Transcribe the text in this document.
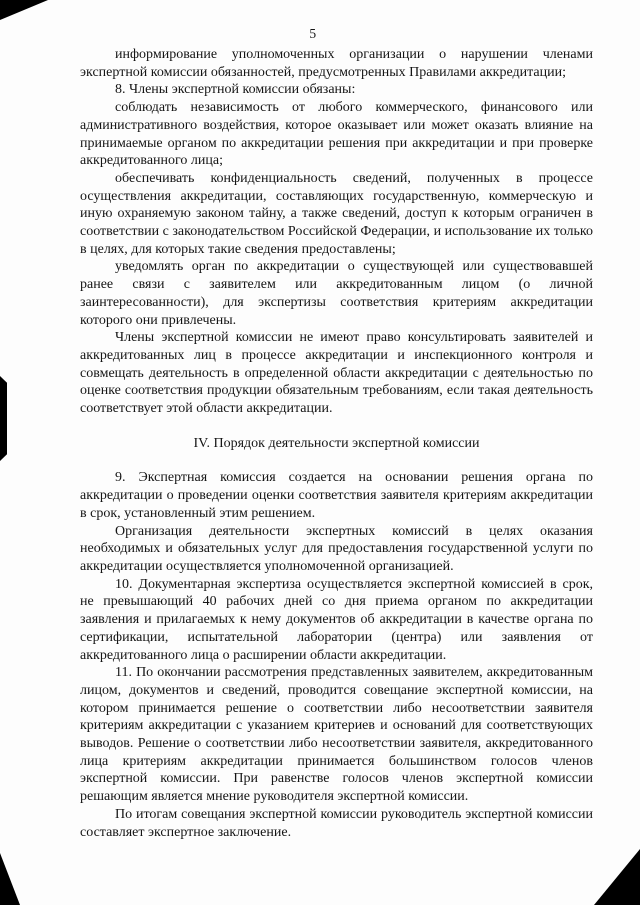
5

информирование уполномоченных организации о нарушении членами экспертной комиссии обязанностей, предусмотренных Правилами аккредитации;

8. Члены экспертной комиссии обязаны:

соблюдать независимость от любого коммерческого, финансового или административного воздействия, которое оказывает или может оказать влияние на принимаемые органом по аккредитации решения при аккредитации и при проверке аккредитованного лица;

обеспечивать конфиденциальность сведений, полученных в процессе осуществления аккредитации, составляющих государственную, коммерческую и иную охраняемую законом тайну, а также сведений, доступ к которым ограничен в соответствии с законодательством Российской Федерации, и использование их только в целях, для которых такие сведения предоставлены;

уведомлять орган по аккредитации о существующей или существовавшей ранее связи с заявителем или аккредитованным лицом (о личной заинтересованности), для экспертизы соответствия критериям аккредитации которого они привлечены.

Члены экспертной комиссии не имеют право консультировать заявителей и аккредитованных лиц в процессе аккредитации и инспекционного контроля и совмещать деятельность в определенной области аккредитации с деятельностью по оценке соответствия продукции обязательным требованиям, если такая деятельность соответствует этой области аккредитации.

IV. Порядок деятельности экспертной комиссии

9. Экспертная комиссия создается на основании решения органа по аккредитации о проведении оценки соответствия заявителя критериям аккредитации в срок, установленный этим решением.

Организация деятельности экспертных комиссий в целях оказания необходимых и обязательных услуг для предоставления государственной услуги по аккредитации осуществляется уполномоченной организацией.

10. Документарная экспертиза осуществляется экспертной комиссией в срок, не превышающий 40 рабочих дней со дня приема органом по аккредитации заявления и прилагаемых к нему документов об аккредитации в качестве органа по сертификации, испытательной лаборатории (центра) или заявления от аккредитованного лица о расширении области аккредитации.

11. По окончании рассмотрения представленных заявителем, аккредитованным лицом, документов и сведений, проводится совещание экспертной комиссии, на котором принимается решение о соответствии либо несоответствии заявителя критериям аккредитации с указанием критериев и оснований для соответствующих выводов. Решение о соответствии либо несоответствии заявителя, аккредитованного лица критериям аккредитации принимается большинством голосов членов экспертной комиссии. При равенстве голосов членов экспертной комиссии решающим является мнение руководителя экспертной комиссии.

По итогам совещания экспертной комиссии руководитель экспертной комиссии составляет экспертное заключение.
